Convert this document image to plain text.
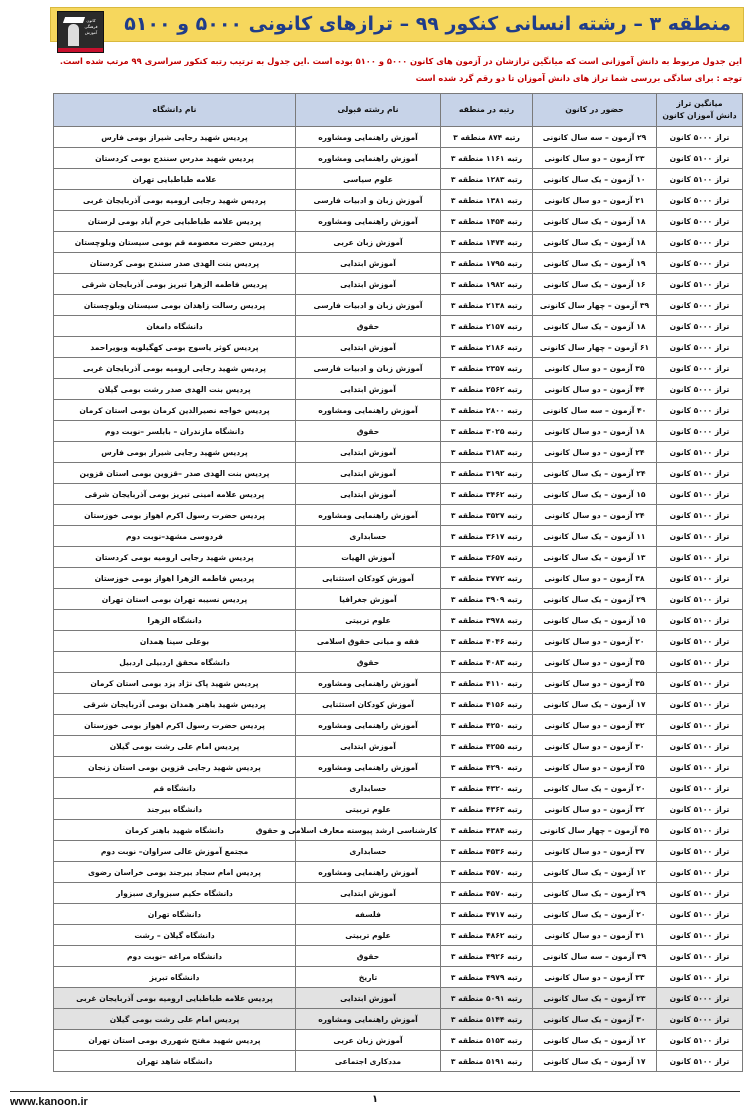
کانون فرهنگی آموزش منطقه ۳ – رشته انسانی کنکور ۹۹ – ترازهای کانونی ۵۰۰۰ و ۵۱۰۰
این جدول مربوط به دانش آموزانی است که میانگین ترازشان در آزمون های کانون ۵۰۰۰ و ۵۱۰۰ بوده است .این جدول به ترتیب رتبه کنکور سراسری ۹۹ مرتب شده است.
توجه : برای سادگی بررسی شما تراز های دانش آموزان تا دو رقم گرد شده است
میانگین تراز
دانش آموزان کانون	حضور در کانون	رتبه در منطقه	نام رشته قبولی	نام دانشگاه
تراز ۵۰۰۰ کانون	۲۹ آزمون – سه سال کانونی	رتبه ۸۷۴ منطقه ۳	آموزش راهنمایی ومشاوره	پردیس شهید رجایی شیراز بومی فارس
تراز ۵۱۰۰ کانون	۲۳ آزمون – دو سال کانونی	رتبه ۱۱۶۱ منطقه ۳	آموزش راهنمایی ومشاوره	پردیس شهید مدرس سنندج بومی کردستان
تراز ۵۱۰۰ کانون	۱۰ آزمون – یک سال کانونی	رتبه ۱۲۸۳ منطقه ۳	علوم سیاسی	علامه طباطبایی تهران
تراز ۵۰۰۰ کانون	۲۱ آزمون – دو سال کانونی	رتبه ۱۳۸۱ منطقه ۳	آموزش زبان و ادبیات فارسی	پردیس شهید رجایی ارومیه بومی آذربایجان غربی
تراز ۵۰۰۰ کانون	۱۸ آزمون – یک سال کانونی	رتبه ۱۴۵۴ منطقه ۳	آموزش راهنمایی ومشاوره	پردیس علامه طباطبایی خرم آباد بومی لرستان
تراز ۵۰۰۰ کانون	۱۸ آزمون – یک سال کانونی	رتبه ۱۴۷۴ منطقه ۳	آموزش زبان عربی	پردیس حضرت معصومه قم بومی سیستان وبلوچستان
تراز ۵۰۰۰ کانون	۱۹ آزمون – یک سال کانونی	رتبه ۱۷۹۵ منطقه ۳	آموزش ابتدایی	پردیس بنت الهدی صدر سنندج بومی کردستان
تراز ۵۱۰۰ کانون	۱۶ آزمون – یک سال کانونی	رتبه ۱۹۸۲ منطقه ۳	آموزش ابتدایی	پردیس فاطمه الزهرا تبریز بومی آذربایجان شرقی
تراز ۵۰۰۰ کانون	۳۹ آزمون – چهار سال کانونی	رتبه ۲۱۳۸ منطقه ۳	آموزش زبان و ادبیات فارسی	پردیس رسالت زاهدان بومی سیستان وبلوچستان
تراز ۵۰۰۰ کانون	۱۸ آزمون – یک سال کانونی	رتبه ۲۱۵۷ منطقه ۳	حقوق	دانشگاه دامغان
تراز ۵۰۰۰ کانون	۶۱ آزمون – چهار سال کانونی	رتبه ۲۱۸۶ منطقه ۳	آموزش ابتدایی	پردیس کوثر یاسوج بومی کهگیلویه وبویراحمد
تراز ۵۰۰۰ کانون	۳۵ آزمون – دو سال کانونی	رتبه ۲۳۵۷ منطقه ۳	آموزش زبان و ادبیات فارسی	پردیس شهید رجایی ارومیه بومی آذربایجان غربی
تراز ۵۰۰۰ کانون	۴۴ آزمون – دو سال کانونی	رتبه ۲۵۶۲ منطقه ۳	آموزش ابتدایی	پردیس بنت الهدی صدر رشت بومی گیلان
تراز ۵۰۰۰ کانون	۴۰ آزمون – سه سال کانونی	رتبه ۲۸۰۰ منطقه ۳	آموزش راهنمایی ومشاوره	پردیس خواجه نصیرالدین کرمان بومی استان کرمان
تراز ۵۰۰۰ کانون	۱۸ آزمون – دو سال کانونی	رتبه ۳۰۲۵ منطقه ۳	حقوق	دانشگاه مازندران – بابلسر –نوبت دوم
تراز ۵۱۰۰ کانون	۲۴ آزمون – دو سال کانونی	رتبه ۳۱۸۳ منطقه ۳	آموزش ابتدایی	پردیس شهید رجایی شیراز بومی فارس
تراز ۵۱۰۰ کانون	۲۴ آزمون – یک سال کانونی	رتبه ۳۱۹۲ منطقه ۳	آموزش ابتدایی	پردیس بنت الهدی صدر –قزوین بومی استان قزوین
تراز ۵۱۰۰ کانون	۱۵ آزمون – یک سال کانونی	رتبه ۳۴۶۲ منطقه ۳	آموزش ابتدایی	پردیس علامه امینی تبریز بومی آذربایجان شرقی
تراز ۵۱۰۰ کانون	۲۴ آزمون – دو سال کانونی	رتبه ۳۵۲۷ منطقه ۳	آموزش راهنمایی ومشاوره	پردیس حضرت رسول اکرم اهواز بومی خوزستان
تراز ۵۱۰۰ کانون	۱۱ آزمون – یک سال کانونی	رتبه ۳۶۱۷ منطقه ۳	حسابداری	فردوسی مشهد–نوبت دوم
تراز ۵۱۰۰ کانون	۱۳ آزمون – یک سال کانونی	رتبه ۳۶۵۷ منطقه ۳	آموزش الهیات	پردیس شهید رجایی ارومیه بومی کردستان
تراز ۵۱۰۰ کانون	۳۸ آزمون – دو سال کانونی	رتبه ۳۷۷۲ منطقه ۳	آموزش کودکان استثنایی	پردیس فاطمه الزهرا اهواز بومی خوزستان
تراز ۵۱۰۰ کانون	۲۹ آزمون – یک سال کانونی	رتبه ۳۹۰۹ منطقه ۳	آموزش جغرافیا	پردیس نسیبه تهران بومی استان تهران
تراز ۵۱۰۰ کانون	۱۵ آزمون – یک سال کانونی	رتبه ۳۹۷۸ منطقه ۳	علوم تربیتی	دانشگاه الزهرا
تراز ۵۱۰۰ کانون	۲۰ آزمون – دو سال کانونی	رتبه ۴۰۴۶ منطقه ۳	فقه و مبانی حقوق اسلامی	بوعلی سینا همدان
تراز ۵۱۰۰ کانون	۳۵ آزمون – دو سال کانونی	رتبه ۴۰۸۳ منطقه ۳	حقوق	دانشگاه محقق اردبیلی اردبیل
تراز ۵۱۰۰ کانون	۳۵ آزمون – دو سال کانونی	رتبه ۴۱۱۰ منطقه ۳	آموزش راهنمایی ومشاوره	پردیس شهید پاک نژاد یزد بومی استان کرمان
تراز ۵۱۰۰ کانون	۱۷ آزمون – یک سال کانونی	رتبه ۴۱۵۶ منطقه ۳	آموزش کودکان استثنایی	پردیس شهید باهنر همدان بومی آذربایجان شرقی
تراز ۵۱۰۰ کانون	۴۲ آزمون – دو سال کانونی	رتبه ۴۲۵۰ منطقه ۳	آموزش راهنمایی ومشاوره	پردیس حضرت رسول اکرم اهواز بومی خوزستان
تراز ۵۱۰۰ کانون	۳۰ آزمون – دو سال کانونی	رتبه ۴۲۵۵ منطقه ۳	آموزش ابتدایی	پردیس امام علی رشت بومی گیلان
تراز ۵۱۰۰ کانون	۳۵ آزمون – دو سال کانونی	رتبه ۴۲۹۰ منطقه ۳	آموزش راهنمایی ومشاوره	پردیس شهید رجایی قزوین بومی استان زنجان
تراز ۵۱۰۰ کانون	۲۰ آزمون – یک سال کانونی	رتبه ۴۳۲۰ منطقه ۳	حسابداری	دانشگاه قم
تراز ۵۱۰۰ کانون	۳۲ آزمون – دو سال کانونی	رتبه ۴۳۶۳ منطقه ۳	علوم تربیتی	دانشگاه بیرجند
تراز ۵۱۰۰ کانون	۴۵ آزمون – چهار سال کانونی	رتبه ۴۳۸۴ منطقه ۳	کارشناسی ارشد پیوسته معارف اسلامی و حقوق	دانشگاه شهید باهنر کرمان
تراز ۵۱۰۰ کانون	۳۷ آزمون – دو سال کانونی	رتبه ۴۵۳۶ منطقه ۳	حسابداری	مجتمع آموزش عالی سراوان– نوبت دوم
تراز ۵۱۰۰ کانون	۱۲ آزمون – یک سال کانونی	رتبه ۴۵۷۰ منطقه ۳	آموزش راهنمایی ومشاوره	پردیس امام سجاد بیرجند بومی خراسان رضوی
تراز ۵۱۰۰ کانون	۲۹ آزمون – یک سال کانونی	رتبه ۴۵۷۰ منطقه ۳	آموزش ابتدایی	دانشگاه حکیم سبزواری سبزوار
تراز ۵۱۰۰ کانون	۲۰ آزمون – یک سال کانونی	رتبه ۴۷۱۷ منطقه ۳	فلسفه	دانشگاه تهران
تراز ۵۱۰۰ کانون	۳۱ آزمون – دو سال کانونی	رتبه ۴۸۶۲ منطقه ۳	علوم تربیتی	دانشگاه گیلان – رشت
تراز ۵۱۰۰ کانون	۳۹ آزمون – سه سال کانونی	رتبه ۴۹۲۶ منطقه ۳	حقوق	دانشگاه مراغه –نوبت دوم
تراز ۵۱۰۰ کانون	۳۳ آزمون – دو سال کانونی	رتبه ۴۹۷۹ منطقه ۳	تاریخ	دانشگاه تبریز
تراز ۵۰۰۰ کانون	۲۳ آزمون – یک سال کانونی	رتبه ۵۰۹۱ منطقه ۳	آموزش ابتدایی	پردیس علامه طباطبایی ارومیه بومی آذربایجان غربی
تراز ۵۰۰۰ کانون	۳۰ آزمون – یک سال کانونی	رتبه ۵۱۴۴ منطقه ۳	آموزش راهنمایی ومشاوره	پردیس امام علی رشت بومی گیلان
تراز ۵۱۰۰ کانون	۱۲ آزمون – یک سال کانونی	رتبه ۵۱۵۳ منطقه ۳	آموزش زبان عربی	پردیس شهید مفتح شهرری بومی استان تهران
تراز ۵۱۰۰ کانون	۱۷ آزمون – یک سال کانونی	رتبه ۵۱۹۱ منطقه ۳	مددکاری اجتماعی	دانشگاه شاهد تهران
www.kanoon.ir	۱
